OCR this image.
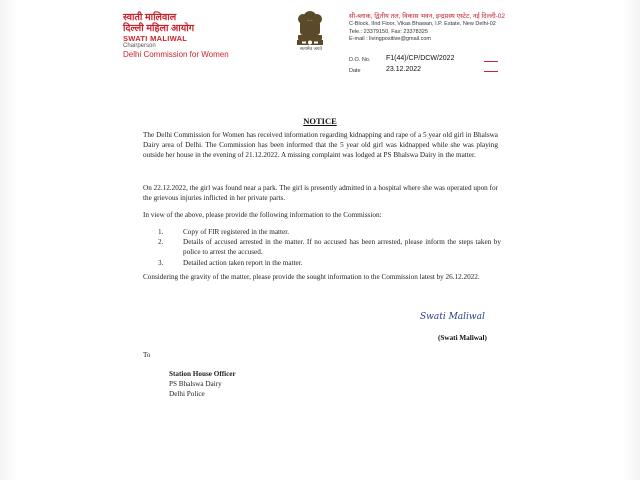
स्वाती मालिवाल
दिल्ली महिला आयोग
SWATI MALIWAL
Chairperson
Delhi Commission for Women
सत्यमेव जयते
सी-ब्लाक, द्वितीय तल, विकास भवन, इन्द्रप्रस्थ एस्टेट, नई दिल्ली-02
C-Block, IInd Floor, Vikas Bhawan, I.P. Estate, New Delhi-02
Tele.: 23379150, Fax: 23378325
E-mail : livingpositive@gmail.com
D.O. No. F1(44)/CP/DCW/2022
Date	23.12.2022
NOTICE
The Delhi Commission for Women has received information regarding kidnapping and rape of a 5 year old girl in Bhalswa Dairy area of Delhi. The Commission has been informed that the 5 year old girl was kidnapped while she was playing outside her house in the evening of 21.12.2022. A missing complaint was lodged at PS Bhalswa Dairy in the matter.
On 22.12.2022, the girl was found near a park. The girl is presently admitted in a hospital where she was operated upon for the grievous injuries inflicted in her private parts.
In view of the above, please provide the following information to the Commission:
1.	Copy of FIR registered in the matter.
2.	Details of accused arrested in the matter. If no accused has been arrested, please inform the steps taken by police to arrest the accused.
3.	Detailed action taken report in the matter.
Considering the gravity of the matter, please provide the sought information to the Commission latest by 26.12.2022.
Swati Maliwal
(Swati Maliwal)
To
Station House Officer
PS Bhalswa Dairy
Delhi Police
